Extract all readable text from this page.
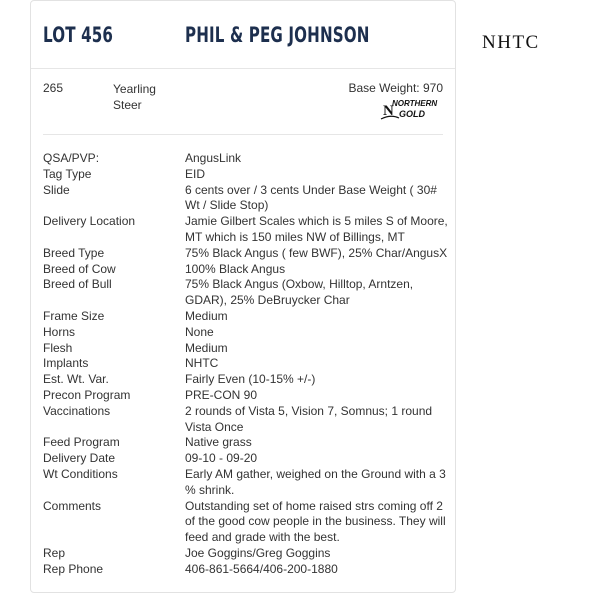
LOT 456	PHIL & PEG JOHNSON
265	Yearling Steer
Base Weight: 970
NORTHERN
N GOLD
QSA/PVP:	AngusLink
Tag Type	EID
Slide	6 cents over / 3 cents Under Base Weight ( 30# Wt / Slide Stop)
Delivery Location	Jamie Gilbert Scales which is 5 miles S of Moore, MT which is 150 miles NW of Billings, MT
Breed Type	75% Black Angus ( few BWF), 25% Char/AngusX
Breed of Cow	100% Black Angus
Breed of Bull	75% Black Angus (Oxbow, Hilltop, Arntzen, GDAR), 25% DeBruycker Char
Frame Size	Medium
Horns	None
Flesh	Medium
Implants	NHTC
Est. Wt. Var.	Fairly Even (10-15% +/-)
Precon Program	PRE-CON 90
Vaccinations	2 rounds of Vista 5, Vision 7, Somnus; 1 round Vista Once
Feed Program	Native grass
Delivery Date	09-10 - 09-20
Wt Conditions	Early AM gather, weighed on the Ground with a 3 % shrink.
Comments	Outstanding set of home raised strs coming off 2 of the good cow people in the business. They will feed and grade with the best.
Rep	Joe Goggins/Greg Goggins
Rep Phone	406-861-5664/406-200-1880
NHTC
